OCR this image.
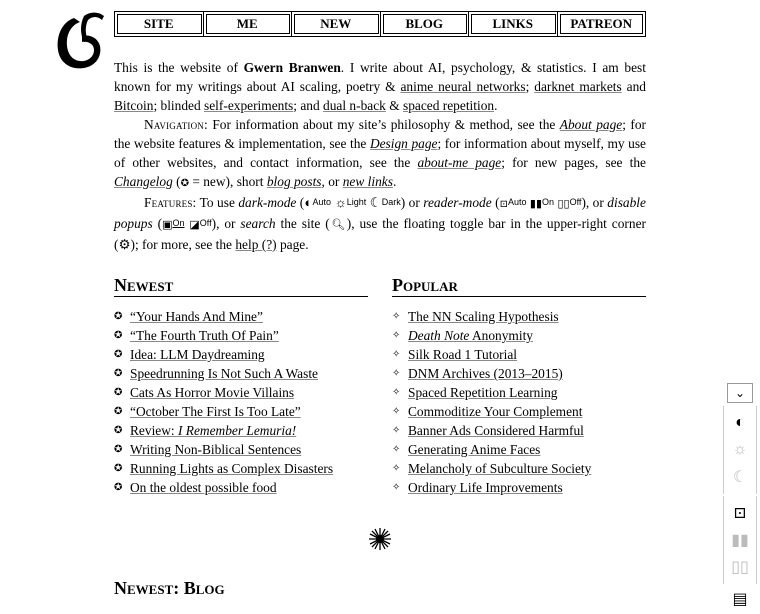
SITE	ME	NEW	BLOG	LINKS	PATREON

This is the website of Gwern Branwen. I write about AI, psychology, & statistics. I am best known for my writings about AI scaling, poetry & anime neural networks; darknet markets and Bitcoin; blinded self-experiments; and dual n-back & spaced repetition.

Navigation: For information about my site’s philosophy & method, see the About page; for the website features & implementation, see the Design page; for information about myself, my use of other websites, and contact information, see the about-me page; for new pages, see the Changelog (✪ = new), short blog posts, or new links.

Features: To use dark-mode (◐Auto ☼Light ☾Dark) or reader-mode (⊡Auto ▮▮On ▯▯Off), or disable popups (▣On ◪Off), or search the site (🔍︎), use the floating toggle bar in the upper-right corner (⚙); for more, see the help (?) page.

Newest
✪ “Your Hands And Mine”
✪ “The Fourth Truth Of Pain”
✪ Idea: LLM Daydreaming
✪ Speedrunning Is Not Such A Waste
✪ Cats As Horror Movie Villains
✪ “October The First Is Too Late”
✪ Review: I Remember Lemuria!
✪ Writing Non-Biblical Sentences
✪ Running Lights as Complex Disasters
✪ On the oldest possible food
Popular
✧ The NN Scaling Hypothesis
✧ Death Note Anonymity
✧ Silk Road 1 Tutorial
✧ DNM Archives (2013–2015)
✧ Spaced Repetition Learning
✧ Commoditize Your Complement
✧ Banner Ads Considered Harmful
✧ Generating Anime Faces
✧ Melancholy of Subculture Society
✧ Ordinary Life Improvements
Newest: Blog
⌄
◐
☼
☾
⊡
▮▮
▯▯
▤
